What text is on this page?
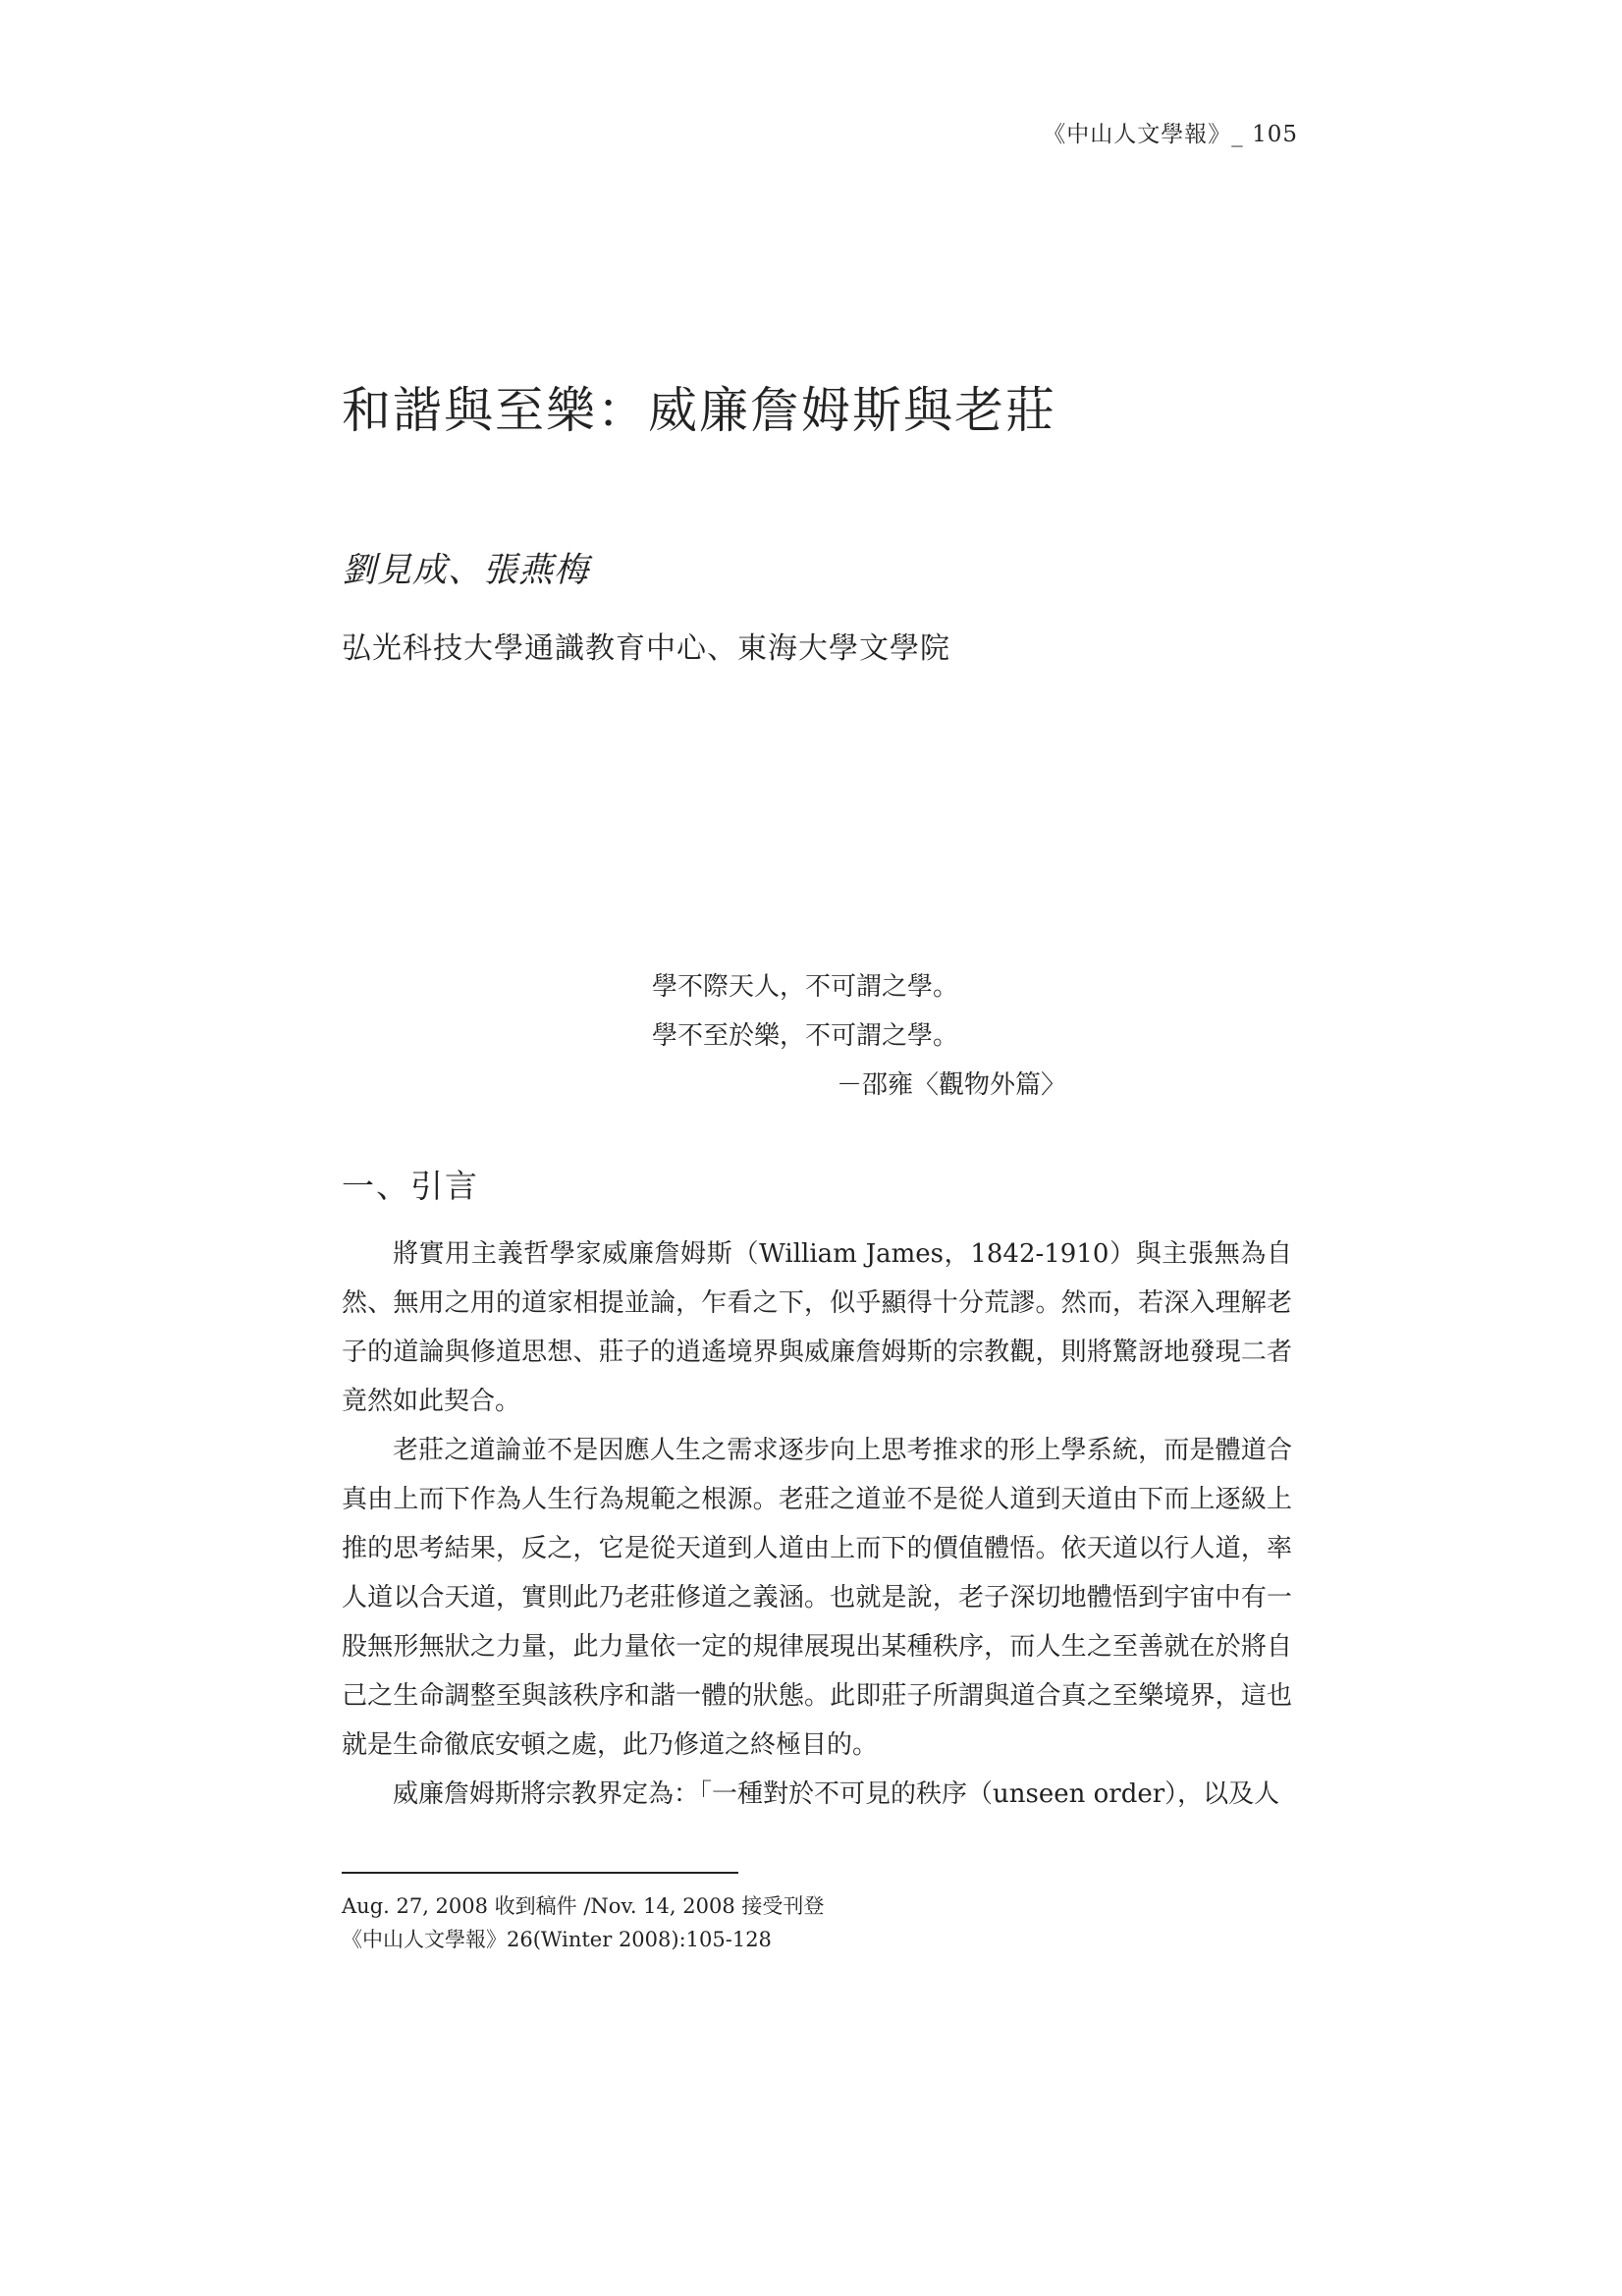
《中山人文學報》_ 105
和諧與至樂：威廉詹姆斯與老莊
劉見成、張燕梅
弘光科技大學通識教育中心、東海大學文學院
學不際天人，不可謂之學。
學不至於樂，不可謂之學。
－邵雍〈觀物外篇〉
一、引言

將實用主義哲學家威廉詹姆斯（William James，1842-1910）與主張無為自然、無用之用的道家相提並論，乍看之下，似乎顯得十分荒謬。然而，若深入理解老子的道論與修道思想、莊子的逍遙境界與威廉詹姆斯的宗教觀，則將驚訝地發現二者竟然如此契合。

老莊之道論並不是因應人生之需求逐步向上思考推求的形上學系統，而是體道合真由上而下作為人生行為規範之根源。老莊之道並不是從人道到天道由下而上逐級上推的思考結果，反之，它是從天道到人道由上而下的價值體悟。依天道以行人道，率人道以合天道，實則此乃老莊修道之義涵。也就是說，老子深切地體悟到宇宙中有一股無形無狀之力量，此力量依一定的規律展現出某種秩序，而人生之至善就在於將自己之生命調整至與該秩序和諧一體的狀態。此即莊子所謂與道合真之至樂境界，這也就是生命徹底安頓之處，此乃修道之終極目的。

威廉詹姆斯將宗教界定為：「一種對於不可見的秩序（unseen order），以及人

Aug. 27, 2008 收到稿件 /Nov. 14, 2008 接受刊登
《中山人文學報》26(Winter 2008):105-128
